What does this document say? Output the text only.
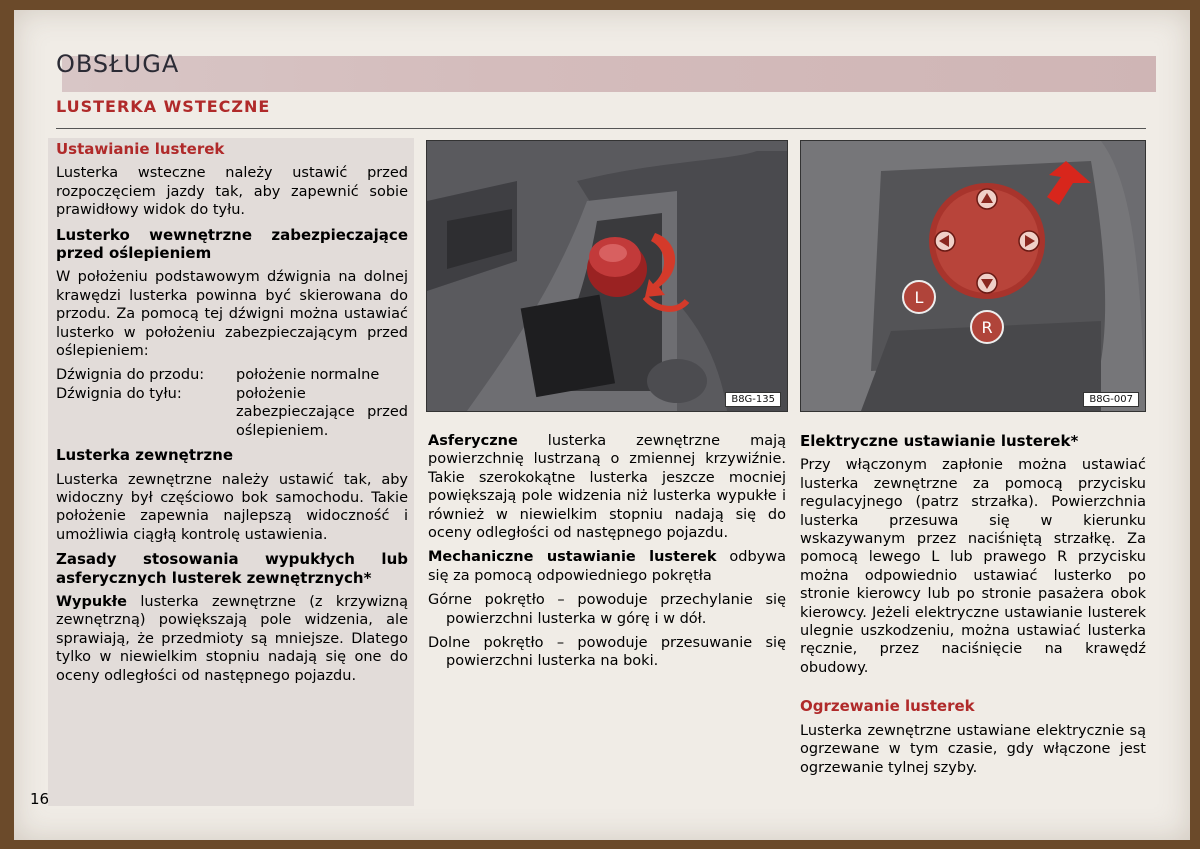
OBSŁUGA
LUSTERKA WSTECZNE

Ustawianie lusterek

Lusterka wsteczne należy ustawić przed rozpoczęciem jazdy tak, aby zapewnić sobie prawidłowy widok do tyłu.

Lusterko wewnętrzne zabezpieczające przed oślepieniem

W położeniu podstawowym dźwignia na dolnej krawędzi lusterka powinna być skierowana do przodu. Za pomocą tej dźwigni można ustawiać lusterko w położeniu zabezpieczającym przed oślepieniem:

Dźwignia do przodu:	położenie normalne
Dźwignia do tyłu:	położenie zabezpieczające przed oślepieniem.

Lusterka zewnętrzne

Lusterka zewnętrzne należy ustawić tak, aby widoczny był częściowo bok samochodu. Takie położenie zapewnia najlepszą widoczność i umożliwia ciągłą kontrolę ustawienia.

Zasady stosowania wypukłych lub asferycznych lusterek zewnętrznych*

Wypukłe lusterka zewnętrzne (z krzywizną zewnętrzną) powiększają pole widzenia, ale sprawiają, że przedmioty są mniejsze. Dlatego tylko w niewielkim stopniu nadają się one do oceny odległości od następnego pojazdu.

B8G-135
L
R
B8G-007

Asferyczne lusterka zewnętrzne mają powierzchnię lustrzaną o zmiennej krzywiźnie. Takie szerokokątne lusterka jeszcze mocniej powiększają pole widzenia niż lusterka wypukłe i również w niewielkim stopniu nadają się do oceny odległości od następnego pojazdu.

Mechaniczne ustawianie lusterek odbywa się za pomocą odpowiedniego pokrętła

Górne pokrętło – powoduje przechylanie się powierzchni lusterka w górę i w dół.

Dolne pokrętło – powoduje przesuwanie się powierzchni lusterka na boki.

Elektryczne ustawianie lusterek*

Przy włączonym zapłonie można ustawiać lusterka zewnętrzne za pomocą przycisku regulacyjnego (patrz strzałka). Powierzchnia lusterka przesuwa się w kierunku wskazywanym przez naciśniętą strzałkę. Za pomocą lewego L lub prawego R przycisku można odpowiednio ustawiać lusterko po stronie kierowcy lub po stronie pasażera obok kierowcy. Jeżeli elektryczne ustawianie lusterek ulegnie uszkodzeniu, można ustawiać lusterka ręcznie, przez naciśnięcie na krawędź obudowy.

Ogrzewanie lusterek

Lusterka zewnętrzne ustawiane elektrycznie są ogrzewane w tym czasie, gdy włączone jest ogrzewanie tylnej szyby.

16
